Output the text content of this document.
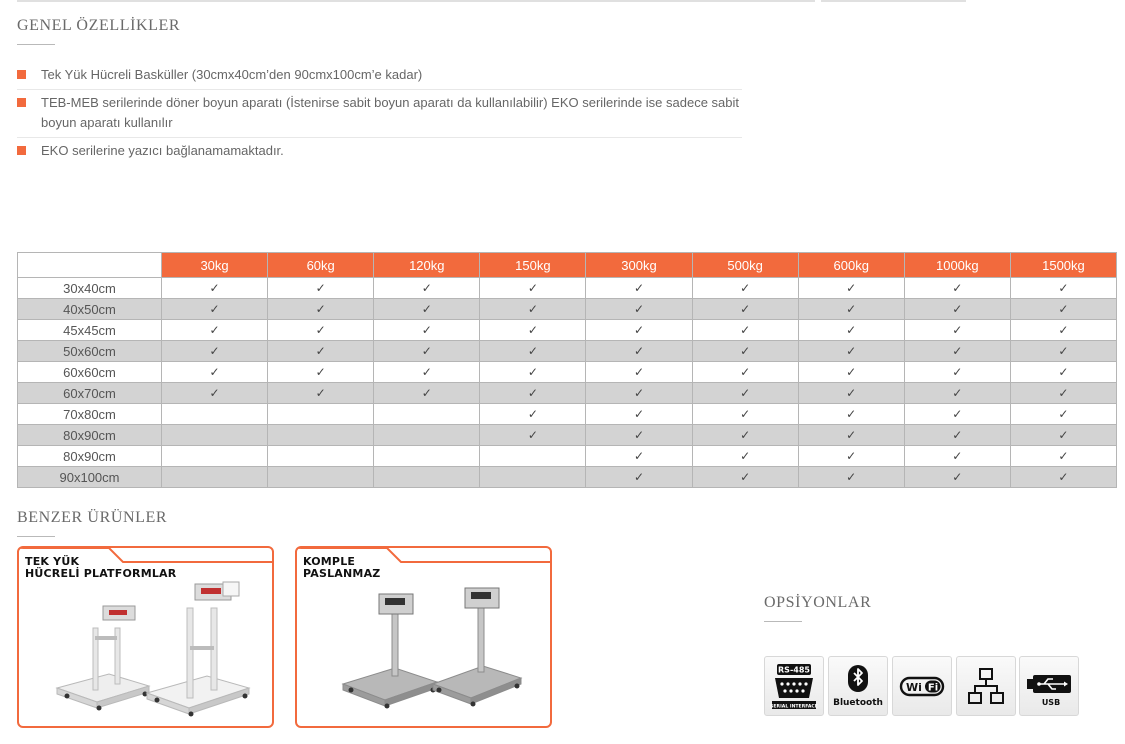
GENEL ÖZELLİKLER
Tek Yük Hücreli Basküller (30cmx40cm’den 90cmx100cm’e kadar)
TEB-MEB serilerinde döner boyun aparatı (İstenirse sabit boyun aparatı da kullanılabilir) EKO serilerinde ise sadece sabit boyun aparatı kullanılır
EKO serilerine yazıcı bağlanamamaktadır.
	30kg	60kg	120kg	150kg	300kg	500kg	600kg	1000kg	1500kg
30x40cm	✓	✓	✓	✓	✓	✓	✓	✓	✓
40x50cm	✓	✓	✓	✓	✓	✓	✓	✓	✓
45x45cm	✓	✓	✓	✓	✓	✓	✓	✓	✓
50x60cm	✓	✓	✓	✓	✓	✓	✓	✓	✓
60x60cm	✓	✓	✓	✓	✓	✓	✓	✓	✓
60x70cm	✓	✓	✓	✓	✓	✓	✓	✓	✓
70x80cm				✓	✓	✓	✓	✓	✓
80x90cm				✓	✓	✓	✓	✓	✓
80x90cm					✓	✓	✓	✓	✓
90x100cm					✓	✓	✓	✓	✓
BENZER ÜRÜNLER
TEK YÜK
HÜCRELİ PLATFORMLAR
KOMPLE
PASLANMAZ
OPSİYONLAR
RS-485
SERIAL INTERFACE Bluetooth
Wi Fi
USB
